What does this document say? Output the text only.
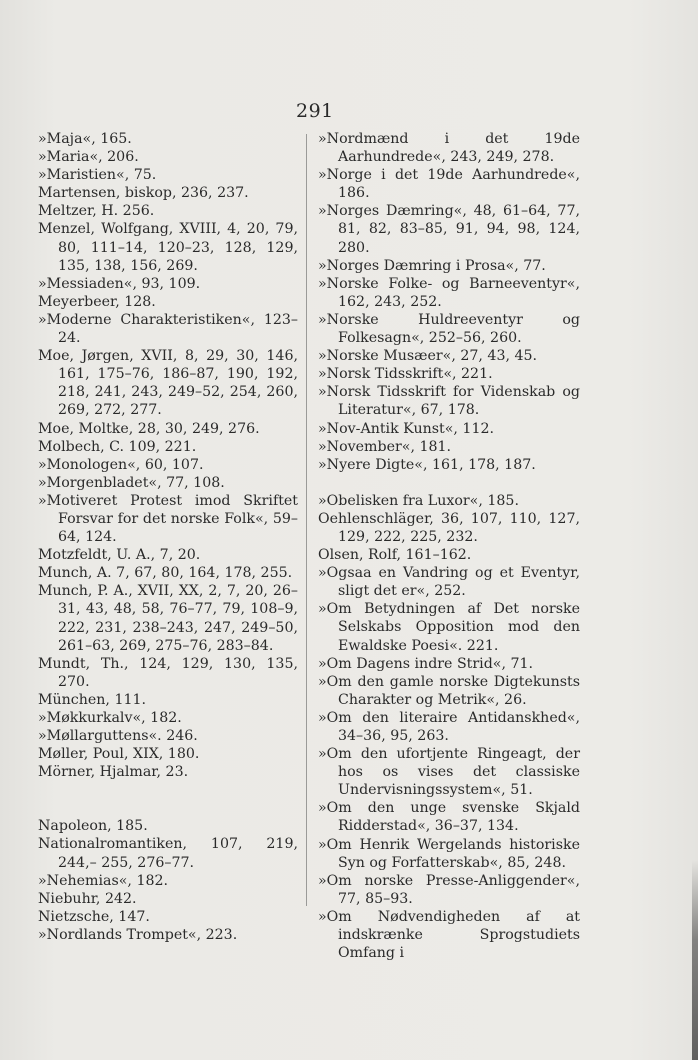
291
»Maja«, 165.
»Maria«, 206.
»Maristien«, 75.
Martensen, biskop, 236, 237.
Meltzer, H. 256.
Menzel, Wolfgang, XVIII, 4, 20, 79, 80, 111–14, 120–23, 128, 129, 135, 138, 156, 269.
»Messiaden«, 93, 109.
Meyerbeer, 128.
»Moderne Charakteristiken«, 123–24.
Moe, Jørgen, XVII, 8, 29, 30, 146, 161, 175–76, 186–87, 190, 192, 218, 241, 243, 249–52, 254, 260, 269, 272, 277.
Moe, Moltke, 28, 30, 249, 276.
Molbech, C. 109, 221.
»Monologen«, 60, 107.
»Morgenbladet«, 77, 108.
»Motiveret Protest imod Skriftet Forsvar for det norske Folk«, 59–64, 124.
Motzfeldt, U. A., 7, 20.
Munch, A. 7, 67, 80, 164, 178, 255.
Munch, P. A., XVII, XX, 2, 7, 20, 26–31, 43, 48, 58, 76–77, 79, 108–9, 222, 231, 238–243, 247, 249–50, 261–63, 269, 275–76, 283–84.
Mundt, Th., 124, 129, 130, 135, 270.
München, 111.
»Møkkurkalv«, 182.
»Møllarguttens«. 246.
Møller, Poul, XIX, 180.
Mörner, Hjalmar, 23.
Napoleon, 185.
Nationalromantiken, 107, 219, 244,– 255, 276–77.
»Nehemias«, 182.
Niebuhr, 242.
Nietzsche, 147.
»Nordlands Trompet«, 223.
»Nordmænd i det 19de Aarhundrede«, 243, 249, 278.
»Norge i det 19de Aarhundrede«, 186.
»Norges Dæmring«, 48, 61–64, 77, 81, 82, 83–85, 91, 94, 98, 124, 280.
»Norges Dæmring i Prosa«, 77.
»Norske Folke- og Barneeventyr«, 162, 243, 252.
»Norske Huldreeventyr og Folkesagn«, 252–56, 260.
»Norske Musæer«, 27, 43, 45.
»Norsk Tidsskrift«, 221.
»Norsk Tidsskrift for Videnskab og Literatur«, 67, 178.
»Nov-Antik Kunst«, 112.
»November«, 181.
»Nyere Digte«, 161, 178, 187.
»Obelisken fra Luxor«, 185.
Oehlenschläger, 36, 107, 110, 127, 129, 222, 225, 232.
Olsen, Rolf, 161–162.
»Ogsaa en Vandring og et Eventyr, sligt det er«, 252.
»Om Betydningen af Det norske Selskabs Opposition mod den Ewaldske Poesi«. 221.
»Om Dagens indre Strid«, 71.
»Om den gamle norske Digtekunsts Charakter og Metrik«, 26.
»Om den literaire Antidanskhed«, 34–36, 95, 263.
»Om den ufortjente Ringeagt, der hos os vises det classiske Undervisningssystem«, 51.
»Om den unge svenske Skjald Ridderstad«, 36–37, 134.
»Om Henrik Wergelands historiske Syn og Forfatterskab«, 85, 248.
»Om norske Presse-Anliggender«, 77, 85–93.
»Om Nødvendigheden af at indskrænke Sprogstudiets Omfang i
